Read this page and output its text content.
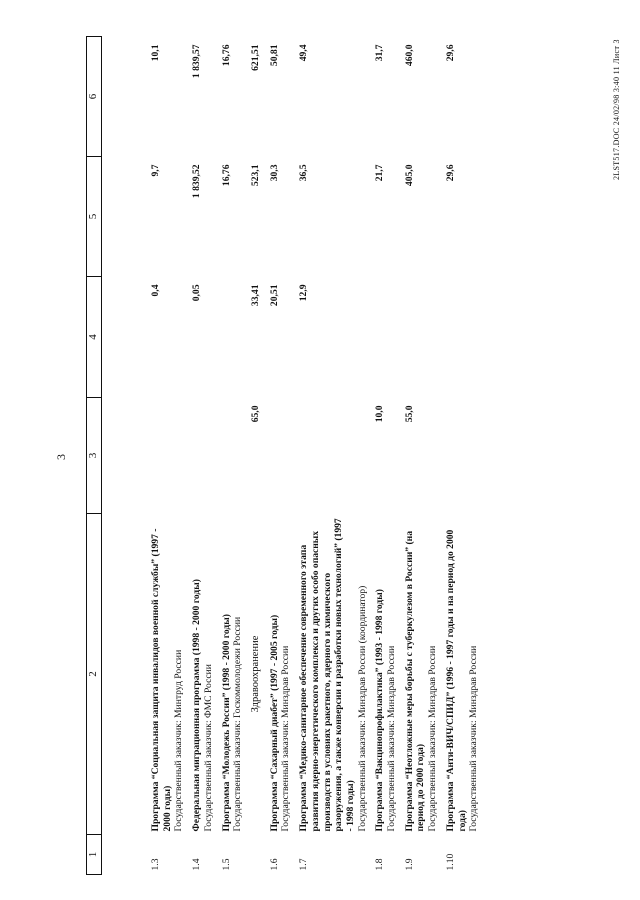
3
1	2	3	4	5	6
1.3	Программа “Социальная защита инвалидов военной службы” (1997 - 2000 годы) Государственный заказчик: Минтруд России		0,4	9,7	10,1
1.4	Федеральная миграционная программа (1998 - 2000 годы) Государственный заказчик: ФМС России		0,05	1 839,52	1 839,57
1.5	Программа “Молодежь России” (1998 - 2000 годы) Государственный заказчик: Госкоммолодежи России			16,76	16,76
	Здравоохранение	65,0	33,41	523,1	621,51
1.6	Программа “Сахарный диабет” (1997 - 2005 годы) Государственный заказчик: Минздрав России		20,51	30,3	50,81
1.7	Программа “Медико-санитарное обеспечение современного этапа развития ядерно-энергетического комплекса и других особо опасных производств в условиях ракетного, ядерного и химического разоружения, а также конверсии и разработки новых технологий” (1997 - 1998 годы) Государственный заказчик: Минздрав России (координатор)		12,9	36,5	49,4
1.8	Программа “Вакцинопрофилактика” (1993 - 1998 годы) Государственный заказчик: Минздрав России	10,0		21,7	31,7
1.9	Программа “Неотложные меры борьбы с туберкулезом в России” (на период до 2000 года) Государственный заказчик: Минздрав России	55,0		405,0	460,0
1.10	Программа “Анти-ВИЧ/СПИД” (1996 - 1997 годы и на период до 2000 года) Государственный заказчик: Минздрав России			29,6	29,6	2LST517.DOC 24/02/98 3:40 11 Лист 3
